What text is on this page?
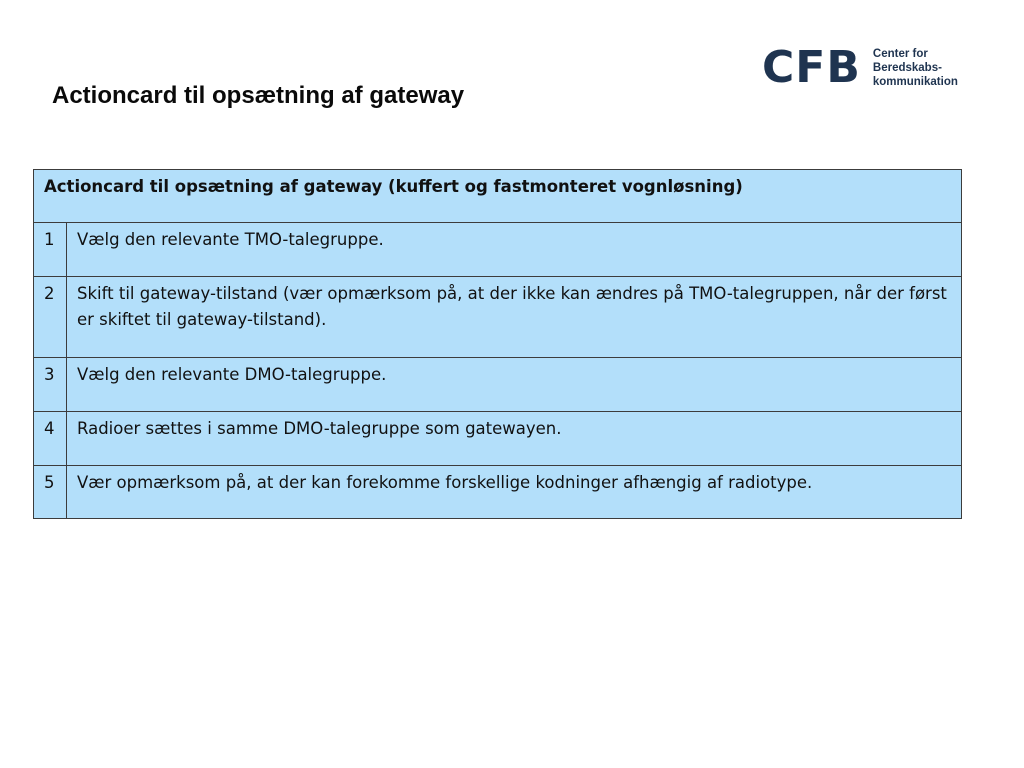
Actioncard til opsætning af gateway
CFB Center for
Beredskabs-
kommunikation
Actioncard til opsætning af gateway (kuffert og fastmonteret vognløsning)	
1	Vælg den relevante TMO-talegruppe.
2	Skift til gateway-tilstand (vær opmærksom på, at der ikke kan ændres på TMO-talegruppen, når der først er skiftet til gateway-tilstand).
3	Vælg den relevante DMO-talegruppe.
4	Radioer sættes i samme DMO-talegruppe som gatewayen.
5	Vær opmærksom på, at der kan forekomme forskellige kodninger afhængig af radiotype.
